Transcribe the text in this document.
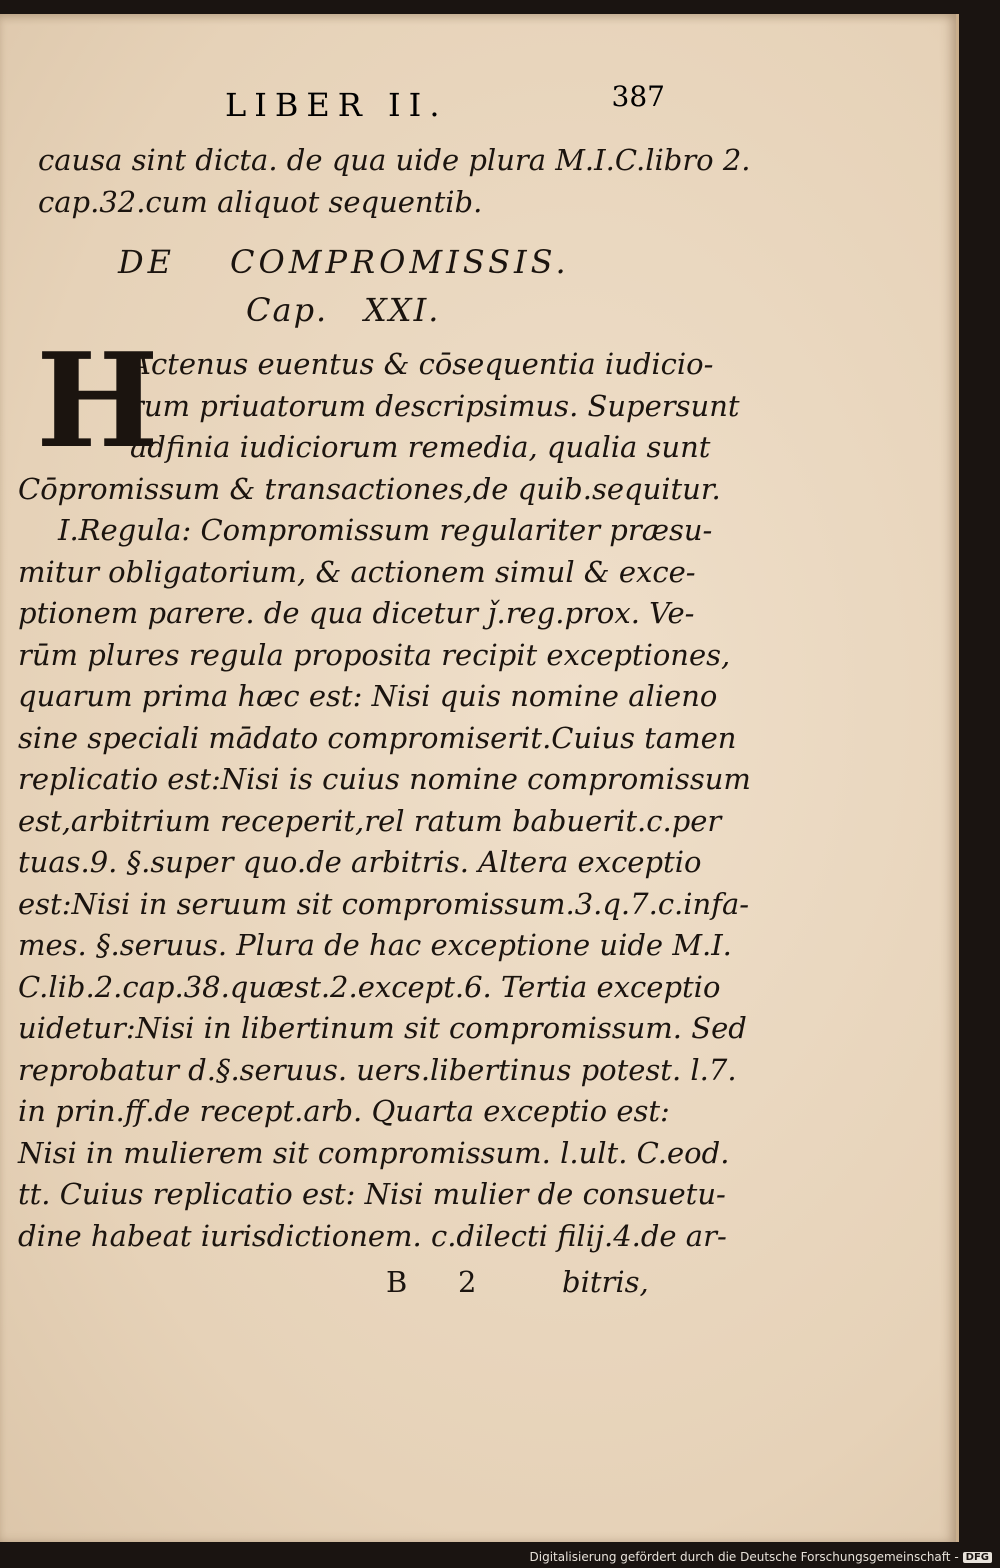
LIBER II.	387
causa sint dicta. de qua uide plura M.I.C.libro 2.
cap.32.cum aliquot sequentib.
DE COMPROMISSIS.
Cap. XXI.
H
Actenus euentus & cōsequentia iudicio-
rum priuatorum descripsimus. Supersunt
adfinia iudiciorum remedia, qualia sunt
Cōpromissum & transactiones,de quib.sequitur.
I.Regula: Compromissum regulariter præsu-
mitur obligatorium, & actionem simul & exce-
ptionem parere. de qua dicetur ǰ.reg.prox. Ve-
rūm plures regula proposita recipit exceptiones,
quarum prima hæc est: Nisi quis nomine alieno
sine speciali mādato compromiserit.Cuius tamen
replicatio est:Nisi is cuius nomine compromissum
est,arbitrium receperit,rel ratum babuerit.c.per
tuas.9. §.super quo.de arbitris. Altera exceptio
est:Nisi in seruum sit compromissum.3.q.7.c.infa-
mes. §.seruus. Plura de hac exceptione uide M.I.
C.lib.2.cap.38.quæst.2.except.6. Tertia exceptio
uidetur:Nisi in libertinum sit compromissum. Sed
reprobatur d.§.seruus. uers.libertinus potest. l.7.
in prin.ff.de recept.arb. Quarta exceptio est:
Nisi in mulierem sit compromissum. l.ult. C.eod.
tt. Cuius replicatio est: Nisi mulier de consuetu-
dine habeat iurisdictionem. c.dilecti filij.4.de ar-
B 2	bitris,
Digitalisierung gefördert durch die Deutsche Forschungsgemeinschaft - DFG
